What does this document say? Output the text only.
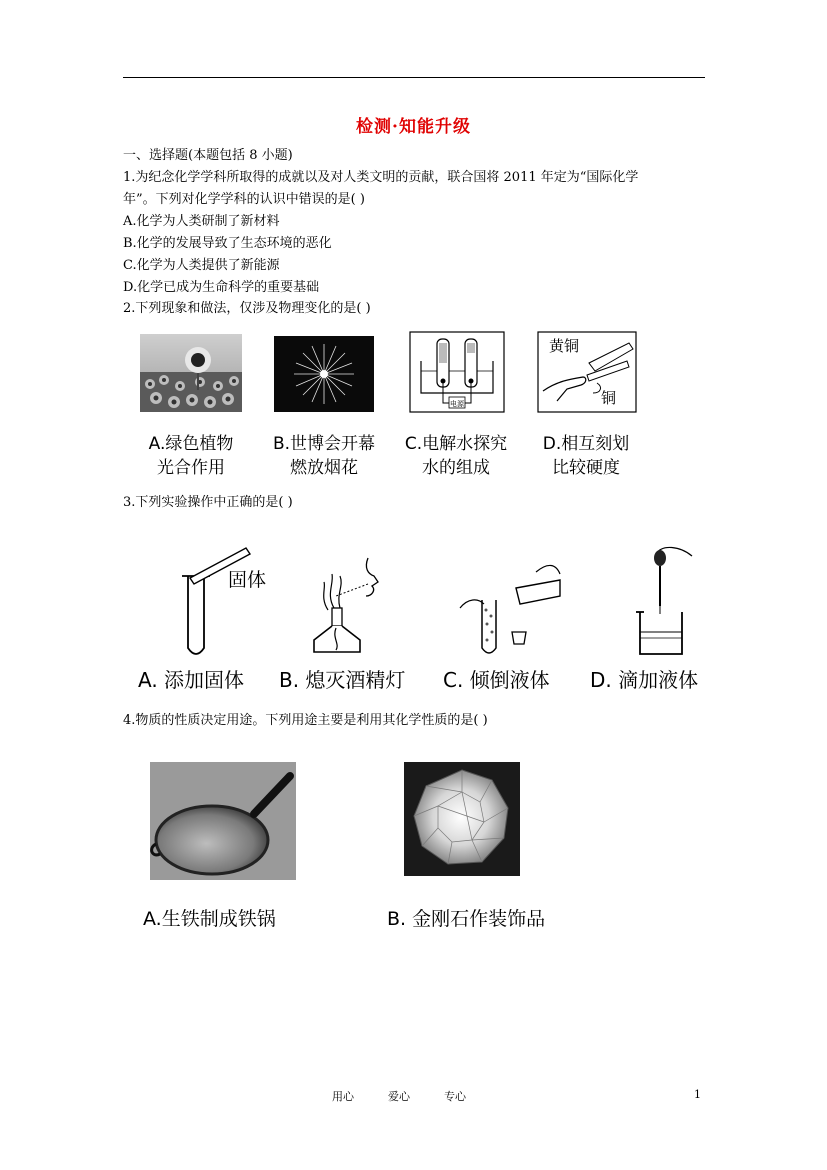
检测·知能升级
一、选择题(本题包括 8 小题)
1.为纪念化学学科所取得的成就以及对人类文明的贡献，联合国将 2011 年定为“国际化学
年”。下列对化学学科的认识中错误的是( )
A.化学为人类研制了新材料
B.化学的发展导致了生态环境的恶化
C.化学为人类提供了新能源
D.化学已成为生命科学的重要基础
2.下列现象和做法，仅涉及物理变化的是( )
电源
黄铜
铜
A.绿色植物
光合作用
B.世博会开幕
燃放烟花
C.电解水探究
水的组成
D.相互刻划
比较硬度
3.下列实验操作中正确的是( )
固体
A. 添加固体 B. 熄灭酒精灯 C. 倾倒液体 D. 滴加液体
4.物质的性质决定用途。下列用途主要是利用其化学性质的是( )
A.生铁制成铁锅	B. 金刚石作装饰品
用心	爱心	专心	1
